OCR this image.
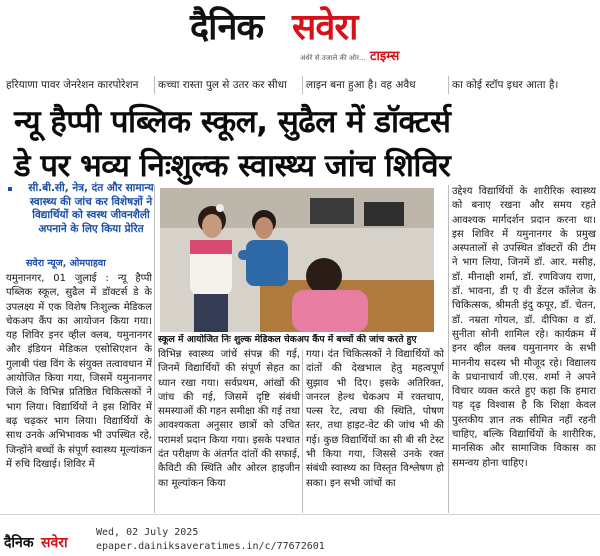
दैनिक सवेरा
अंधेरे से उजाले की ओर... टाइम्स
हरियाणा पावर जेनरेशन कारपोरेशन	कच्चा रास्ता पुल से उतर कर सीधा	लाइन बना हुआ है। वह अवैध	का कोई स्टॉप इधर आता है।
न्यू हैप्पी पब्लिक स्कूल, सुढैल में डॉक्टर्स
डे पर भव्य निःशुल्क स्वास्थ्य जांच शिविर
सी.बी.सी, नेत्र, दंत और सामान्य स्वास्थ्य की जांच कर विशेषज्ञों ने विद्यार्थियों को स्वस्थ जीवनशैली अपनाने के लिए किया प्रेरित
सवेरा न्यूज, ओमपाहवा
यमुनानगर, 01 जुलाई : न्यू हैप्पी पब्लिक स्कूल, सुढैल में डॉक्टर्स डे के उपलक्ष्य में एक विशेष निःशुल्क मेडिकल चेकअप कैंप का आयोजन किया गया। यह शिविर इनर व्हील क्लब, यमुनानगर और इंडियन मेडिकल एसोसिएशन के गुलाबी पंख विंग के संयुक्त तत्वावधान में आयोजित किया गया, जिसमें यमुनानगर जिले के विभिन्न प्रतिष्ठित चिकित्सकों ने भाग लिया। विद्यार्थियों ने इस शिविर में बढ़ चढ़कर भाग लिया। विद्यार्थियों के साथ उनके अभिभावक भी उपस्थित रहे, जिन्होंने बच्चों के संपूर्ण स्वास्थ्य मूल्यांकन में रुचि दिखाई। शिविर में
स्कूल में आयोजित निः शुल्क मेडिकल चेकअप कैंप में बच्चों की जांच करते हुए
विभिन्न स्वास्थ्य जांचें संपन्न की गई, जिनमें विद्यार्थियों की संपूर्ण सेहत का ध्यान रखा गया। सर्वप्रथम, आंखों की जांच की गई, जिसमें दृष्टि संबंधी समस्याओं की गहन समीक्षा की गई तथा आवश्यकता अनुसार छात्रों को उचित परामर्श प्रदान किया गया। इसके पश्चात दंत परीक्षण के अंतर्गत दांतों की सफाई, कैविटी की स्थिति और ओरल हाइजीन का मूल्यांकन किया
गया। दंत चिकित्सकों ने विद्यार्थियों को दांतों की देखभाल हेतु महत्वपूर्ण सुझाव भी दिए। इसके अतिरिक्त, जनरल हेल्थ चेकअप में रक्तचाप, पल्स रेट, त्वचा की स्थिति, पोषण स्तर, तथा हाइट-वेट की जांच भी की गई। कुछ विद्यार्थियों का सी बी सी टेस्ट भी किया गया, जिससे उनके रक्त संबंधी स्वास्थ्य का विस्तृत विश्लेषण हो सका। इन सभी जांचों का
उद्देश्य विद्यार्थियों के शारीरिक स्वास्थ्य को बनाए रखना और समय रहते आवश्यक मार्गदर्शन प्रदान करना था। इस शिविर में यमुनानगर के प्रमुख अस्पतालों से उपस्थित डॉक्टरों की टीम ने भाग लिया, जिनमें डॉ. आर. मसीह, डॉ. मीनाक्षी शर्मा, डॉ. रणविजय राणा, डॉ. भावना, डी ए वी डेंटल कॉलेज के चिकित्सक, श्रीमती इंदु कपूर, डॉ. चेतन, डॉ. नम्रता गोयल, डॉ. दीपिका व डॉ. सुनीता सोनी शामिल रहे। कार्यक्रम में इनर व्हील क्लब यमुनानगर के सभी माननीय सदस्य भी मौजूद रहे। विद्यालय के प्रधानाचार्य जी.एस. शर्मा ने अपने विचार व्यक्त करते हुए कहा कि हमारा यह दृढ़ विश्वास है कि शिक्षा केवल पुस्तकीय ज्ञान तक सीमित नहीं रहनी चाहिए, बल्कि विद्यार्थियों के शारीरिक, मानसिक और सामाजिक विकास का समन्वय होना चाहिए।
दैनिक सवेरा
Wed, 02 July 2025
epaper.dainiksaveratimes.in/c/77672601
